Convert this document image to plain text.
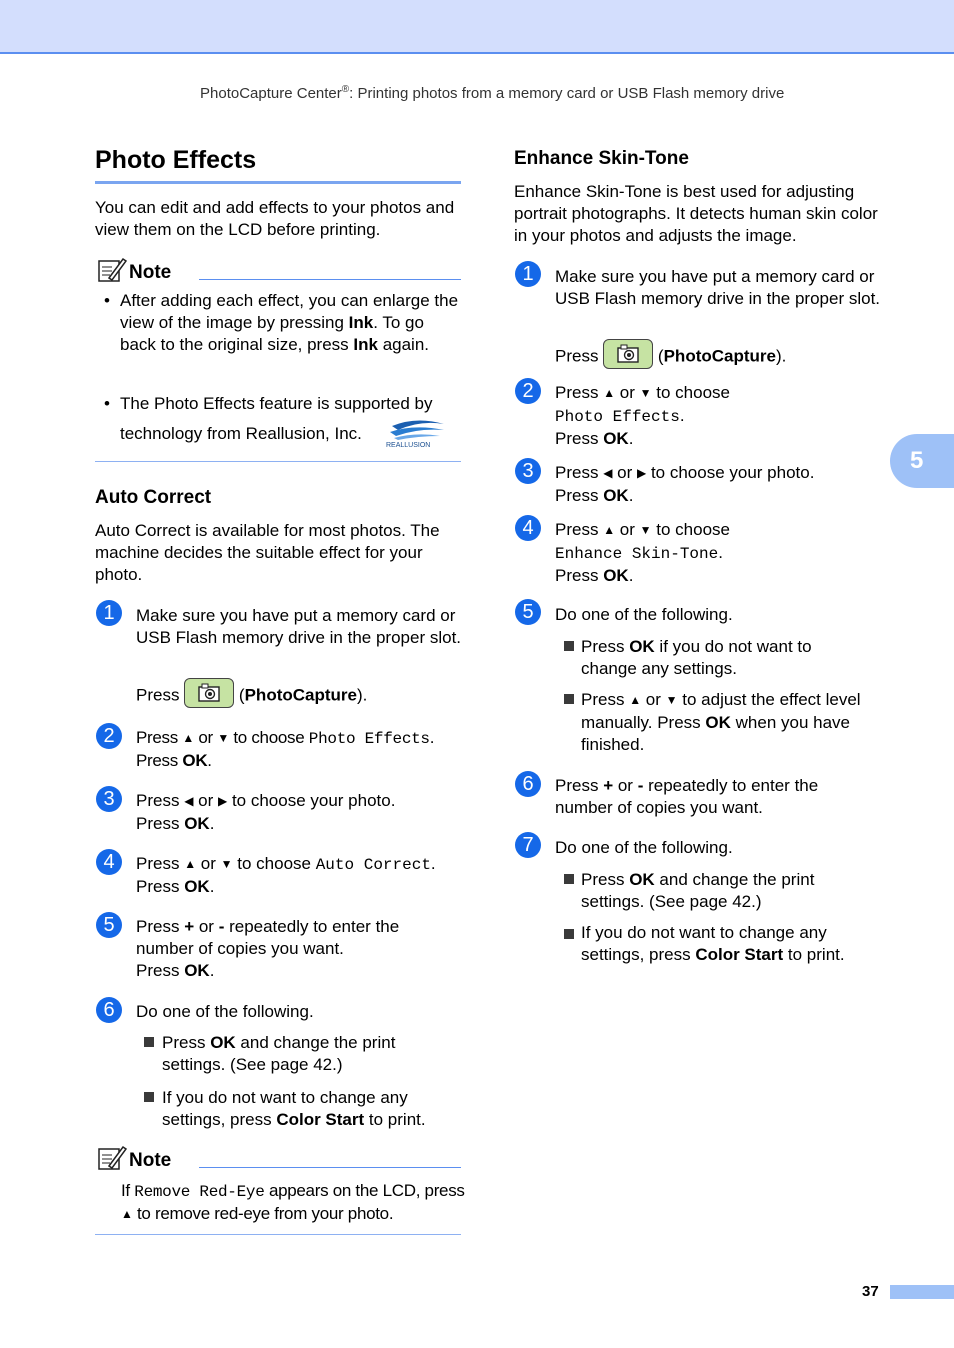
PhotoCapture Center®: Printing photos from a memory card or USB Flash memory drive
5
Photo Effects

You can edit and add effects to your photos and view them on the LCD before printing.

Note
• After adding each effect, you can enlarge the view of the image by pressing Ink. To go back to the original size, press Ink again.
• The Photo Effects feature is supported by technology from Reallusion, Inc.
REALLUSION
Auto Correct

Auto Correct is available for most photos. The machine decides the suitable effect for your photo.

1	Make sure you have put a memory card or USB Flash memory drive in the proper slot.

Press	(PhotoCapture).
2	Press ▲ or ▼ to choose Photo Effects.
Press OK.
3	Press ◀ or ▶ to choose your photo.
Press OK.
4	Press ▲ or ▼ to choose Auto Correct.
Press OK.
5	Press + or - repeatedly to enter the number of copies you want.
Press OK.
6	Do one of the following.

Press OK and change the print settings. (See page 42.)
If you do not want to change any settings, press Color Start to print.
Note
If Remove Red-Eye appears on the LCD, press ▲ to remove red-eye from your photo.
Enhance Skin-Tone

Enhance Skin-Tone is best used for adjusting portrait photographs. It detects human skin color in your photos and adjusts the image.

1	Make sure you have put a memory card or USB Flash memory drive in the proper slot.

Press	(PhotoCapture).
2	Press ▲ or ▼ to choose
Photo Effects.
Press OK.
3	Press ◀ or ▶ to choose your photo.
Press OK.
4	Press ▲ or ▼ to choose
Enhance Skin-Tone.
Press OK.
5	Do one of the following.

Press OK if you do not want to change any settings.
Press ▲ or ▼ to adjust the effect level manually. Press OK when you have finished.
6	Press + or - repeatedly to enter the number of copies you want.
7	Do one of the following.

Press OK and change the print settings. (See page 42.)
If you do not want to change any settings, press Color Start to print.
37
